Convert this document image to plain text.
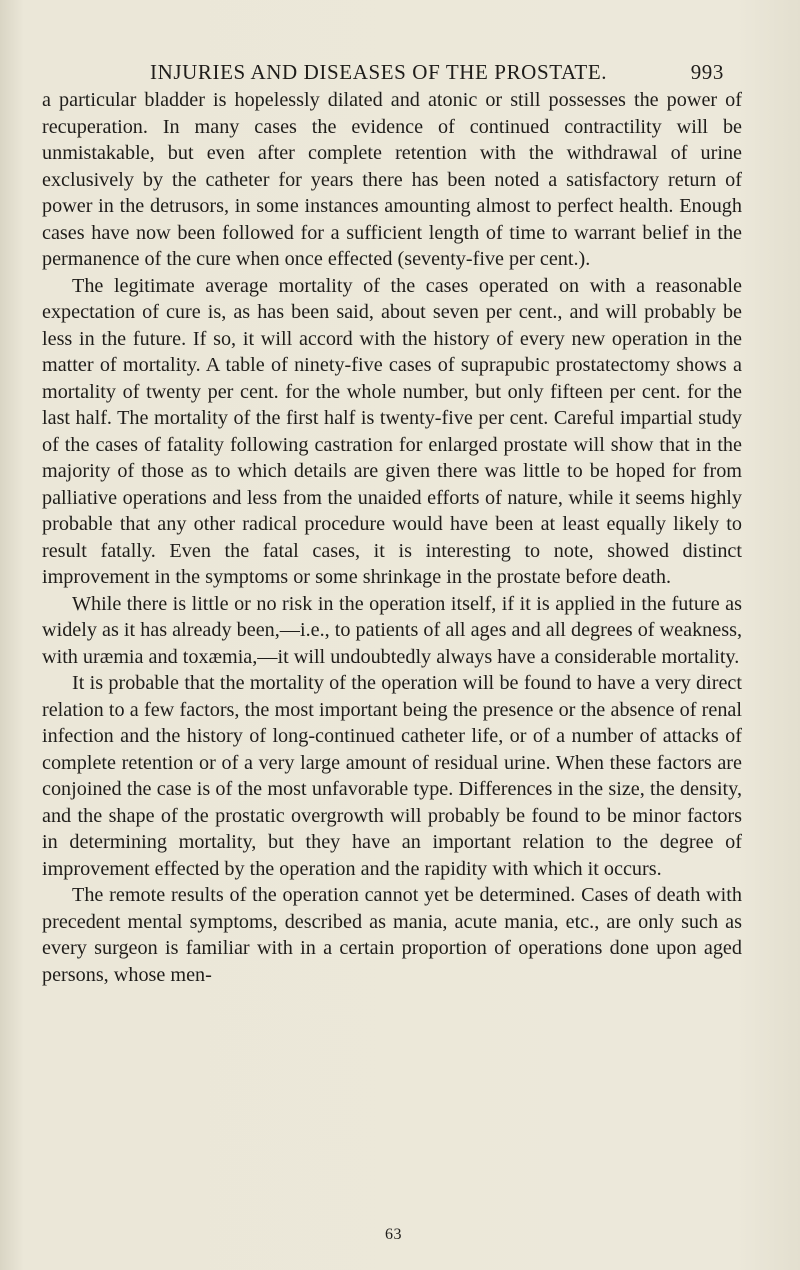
INJURIES AND DISEASES OF THE PROSTATE.	993

a particular bladder is hopelessly dilated and atonic or still possesses the power of recuperation. In many cases the evidence of continued contractility will be unmistakable, but even after complete retention with the withdrawal of urine exclusively by the catheter for years there has been noted a satisfactory return of power in the detrusors, in some instances amounting almost to perfect health. Enough cases have now been followed for a sufficient length of time to warrant belief in the permanence of the cure when once effected (seventy-five per cent.).

The legitimate average mortality of the cases operated on with a reasonable expectation of cure is, as has been said, about seven per cent., and will probably be less in the future. If so, it will accord with the history of every new operation in the matter of mortality. A table of ninety-five cases of suprapubic prostatectomy shows a mortality of twenty per cent. for the whole number, but only fifteen per cent. for the last half. The mortality of the first half is twenty-five per cent. Careful impartial study of the cases of fatality following castration for enlarged prostate will show that in the majority of those as to which details are given there was little to be hoped for from palliative operations and less from the unaided efforts of nature, while it seems highly probable that any other radical procedure would have been at least equally likely to result fatally. Even the fatal cases, it is interesting to note, showed distinct improvement in the symptoms or some shrinkage in the prostate before death.

While there is little or no risk in the operation itself, if it is applied in the future as widely as it has already been,—i.e., to patients of all ages and all degrees of weakness, with uræmia and toxæmia,—it will undoubtedly always have a considerable mortality.

It is probable that the mortality of the operation will be found to have a very direct relation to a few factors, the most important being the presence or the absence of renal infection and the history of long-continued catheter life, or of a number of attacks of complete retention or of a very large amount of residual urine. When these factors are conjoined the case is of the most unfavorable type. Differences in the size, the density, and the shape of the prostatic overgrowth will probably be found to be minor factors in determining mortality, but they have an important relation to the degree of improvement effected by the operation and the rapidity with which it occurs.

The remote results of the operation cannot yet be determined. Cases of death with precedent mental symptoms, described as mania, acute mania, etc., are only such as every surgeon is familiar with in a certain proportion of operations done upon aged persons, whose men-

63
